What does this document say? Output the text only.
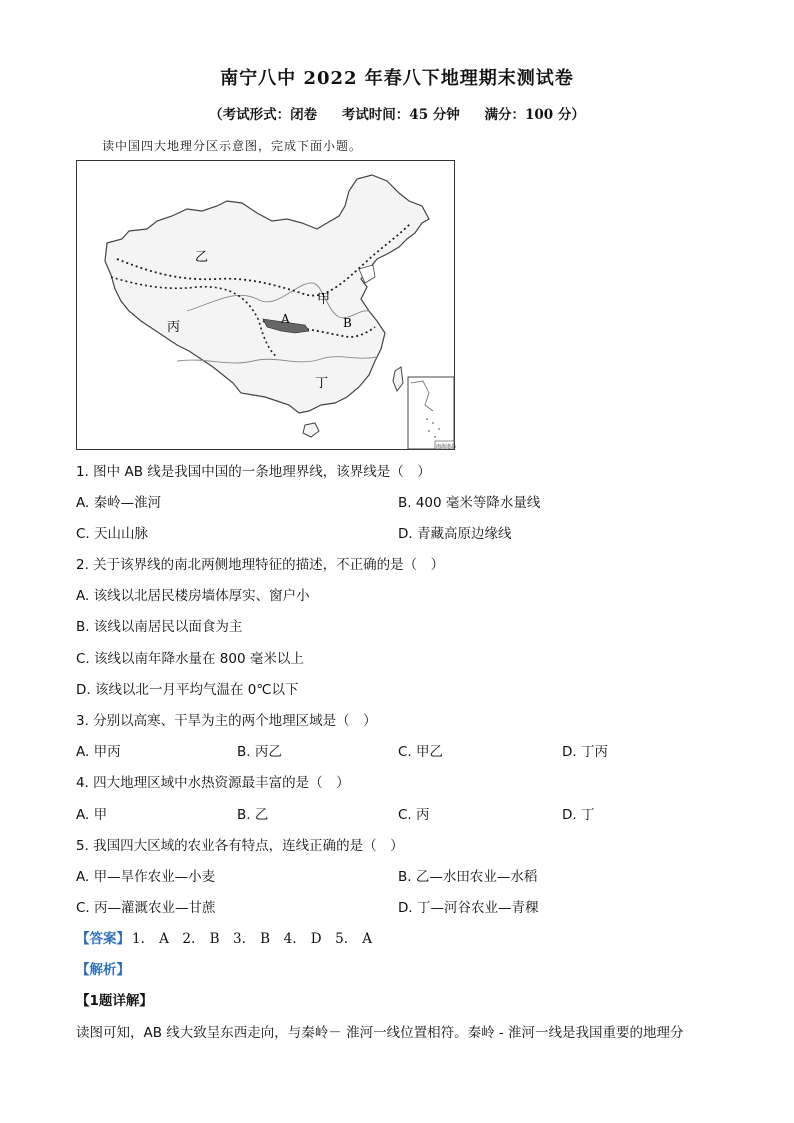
南宁八中 2022 年春八下地理期末测试卷
（考试形式：闭卷 考试时间：45 分钟 满分：100 分）
读中国四大地理分区示意图，完成下面小题。
南海诸岛
乙
甲
丙
丁
A	B
1. 图中 AB 线是我国中国的一条地理界线，该界线是（　）
A. 秦岭—淮河	B. 400 毫米等降水量线
C. 天山山脉	D. 青藏高原边缘线
2. 关于该界线的南北两侧地理特征的描述，不正确的是（　）
A. 该线以北居民楼房墙体厚实、窗户小
B. 该线以南居民以面食为主
C. 该线以南年降水量在 800 毫米以上
D. 该线以北一月平均气温在 0℃以下
3. 分别以高寒、干旱为主的两个地理区域是（　）
A. 甲丙	B. 丙乙	C. 甲乙	D. 丁丙
4. 四大地理区域中水热资源最丰富的是（　）
A. 甲	B. 乙	C. 丙	D. 丁
5. 我国四大区域的农业各有特点，连线正确的是（　）
A. 甲—旱作农业—小麦	B. 乙—水田农业—水稻
C. 丙—灌溉农业—甘蔗	D. 丁—河谷农业—青稞
【答案】 1. A　2. B　3. B　4. D　5. A
【解析】
【1题详解】
读图可知，AB 线大致呈东西走向，与秦岭－ 淮河一线位置相符。秦岭 - 淮河一线是我国重要的地理分
